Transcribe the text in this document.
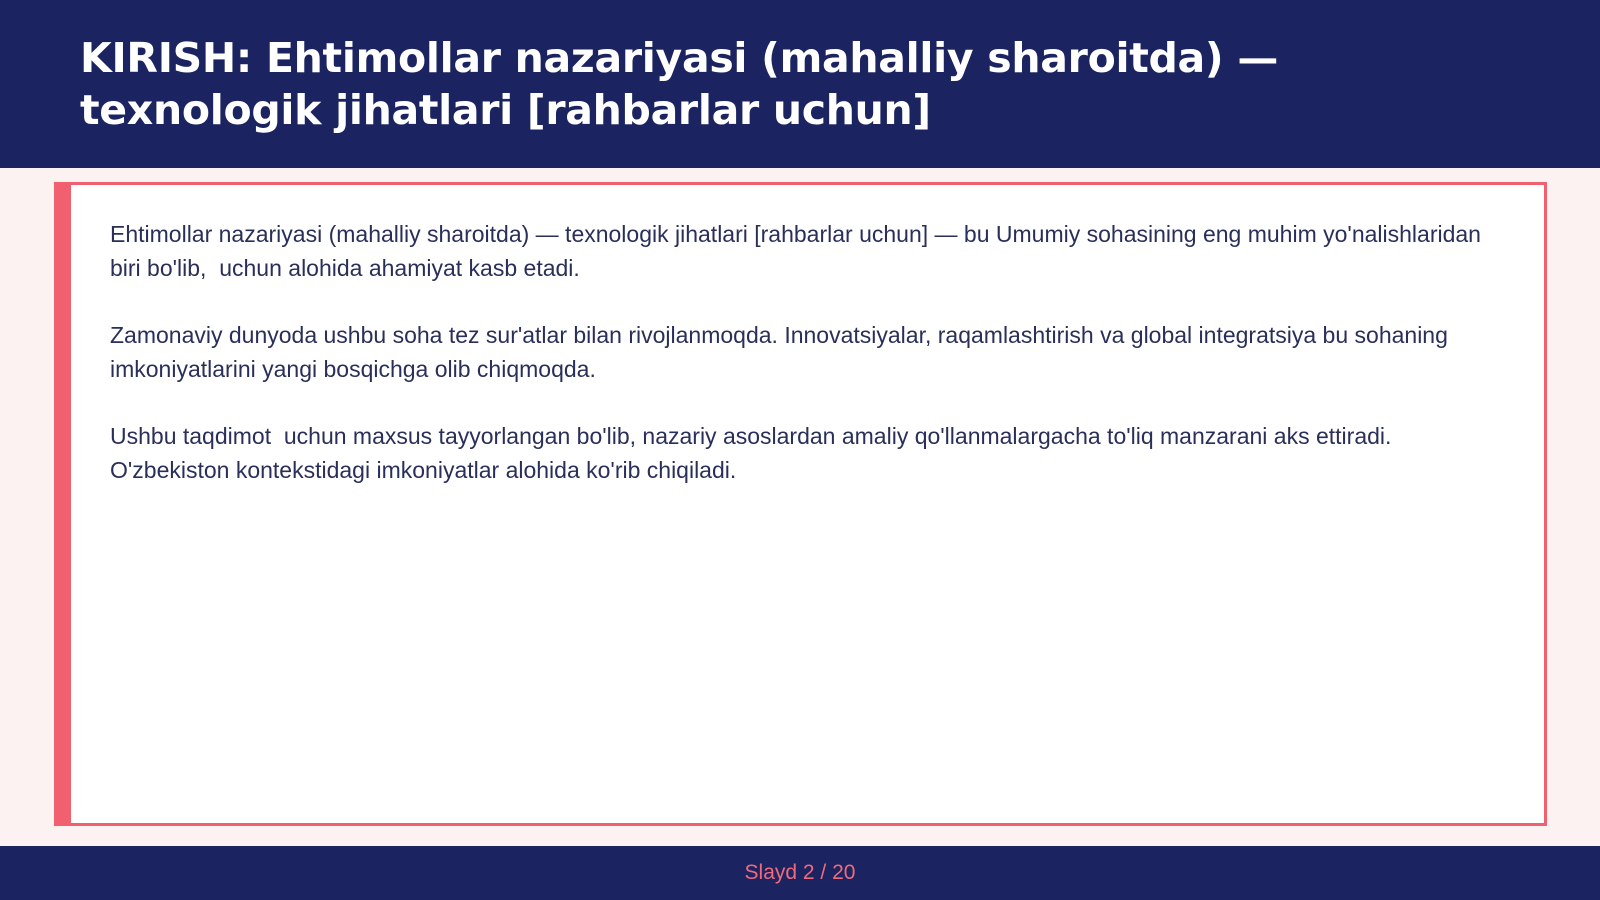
KIRISH: Ehtimollar nazariyasi (mahalliy sharoitda) — texnologik jihatlari [rahbarlar uchun]

Ehtimollar nazariyasi (mahalliy sharoitda) — texnologik jihatlari [rahbarlar uchun] — bu Umumiy sohasining eng muhim yo'nalishlaridan biri bo'lib,  uchun alohida ahamiyat kasb etadi.

Zamonaviy dunyoda ushbu soha tez sur'atlar bilan rivojlanmoqda. Innovatsiyalar, raqamlashtirish va global integratsiya bu sohaning imkoniyatlarini yangi bosqichga olib chiqmoqda.

Ushbu taqdimot  uchun maxsus tayyorlangan bo'lib, nazariy asoslardan amaliy qo'llanmalargacha to'liq manzarani aks ettiradi. O'zbekiston kontekstidagi imkoniyatlar alohida ko'rib chiqiladi.

Slayd 2 / 20
